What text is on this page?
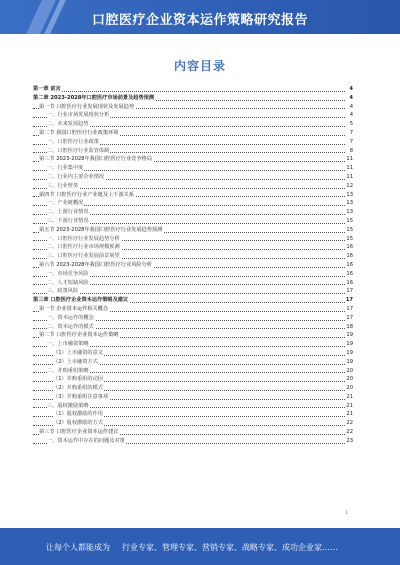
口腔医疗企业资本运作策略研究报告
内容目录
第一章 前言	4
第二章 2023-2028年口腔医疗市场前景及趋势预测	4
第一节 口腔医疗行业发展现状及发展趋势	4
一、行业市场发展现状分析	4
二、未来发展趋势	5
第二节 我国口腔医疗行业政策环境	7
一、口腔医疗行业政策	7
二、口腔医疗行业监管体制	8
第三节 2023-2028年我国口腔医疗行业竞争格局	11
一、行业集中度	11
二、行业内主要企业情况	11
三、行业壁垒	12
第四节 口腔医疗行业产业链及上下游关系	13
一、产业链概况	13
二、上游行业情况	13
三、下游行业情况	15
第五节 2023-2028年我国口腔医疗行业发展趋势预测	15
一、口腔医疗行业发展趋势分析	15
二、口腔医疗行业市场规模预测	16
三、口腔医疗行业发展前景展望	16
第六节 2023-2028年我国口腔医疗行业风险分析	16
一、市场竞争风险	16
二、人才短缺风险	16
三、政策风险	17
第三章 口腔医疗企业资本运作策略及建议	17
第一节 企业资本运作相关概念	17
一、资本运作的概念	17
二、资本运作的模式	18
第二节 口腔医疗企业资本运作策略	19
一、上市融资策略	19
（1）上市融资的意义	19
（2）上市融资方式	19
二、并购重组策略	20
（1）并购重组的动因	20
（2）并购重组的模式	20
（3）并购重组注意事项	21
三、股权激励策略	21
（1）股权激励的作用	21
（2）股权激励的方式	22
第三节 口腔医疗企业资本运作建议	22
一、资本运作中存在的问题及对策	23
1
让每个人都能成为 行业专家、管理专家、营销专家、战略专家、成功企业家……
